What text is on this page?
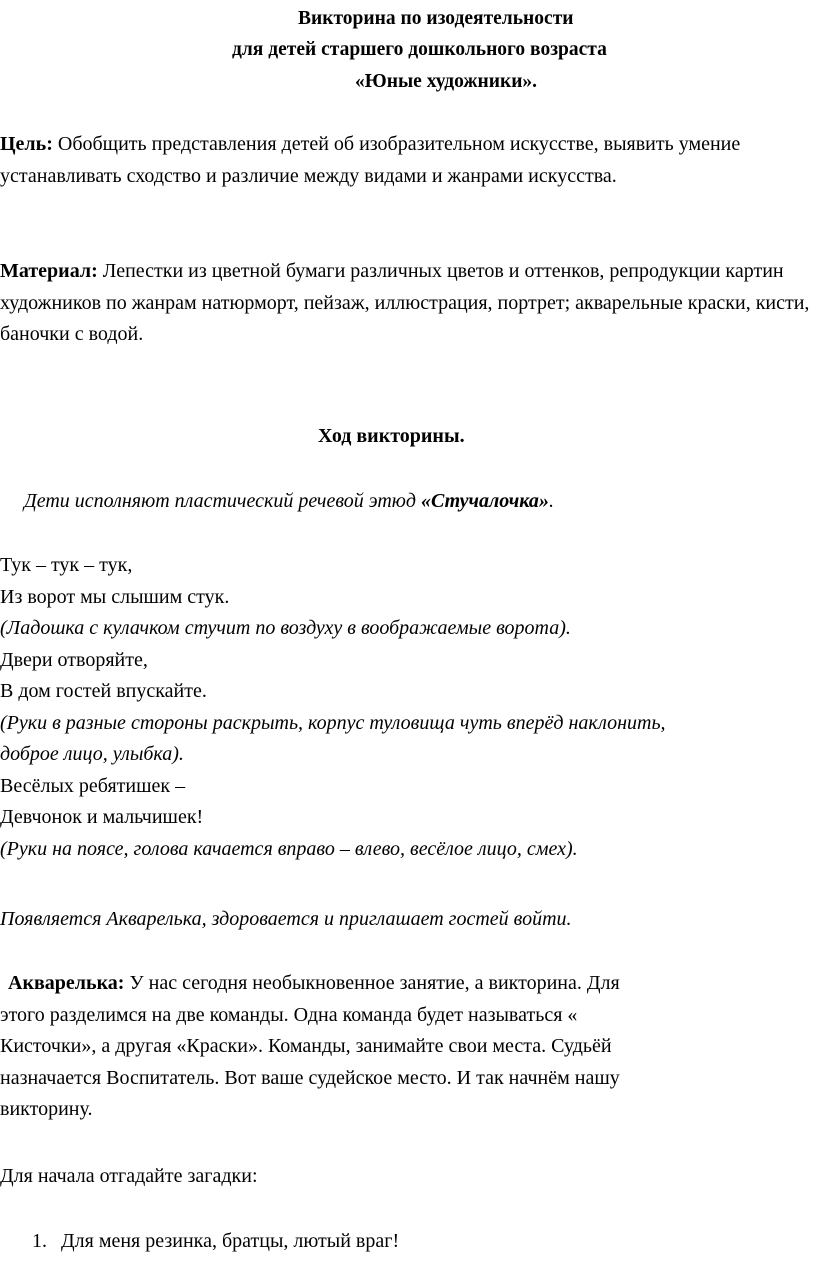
Викторина по изодеятельности
для детей старшего дошкольного возраста
«Юные художники».

Цель: Обобщить представления детей об изобразительном искусстве, выявить умение устанавливать сходство и различие между видами и жанрами искусства.

Материал: Лепестки из цветной бумаги различных цветов и оттенков, репродукции картин художников по жанрам натюрморт, пейзаж, иллюстрация, портрет; акварельные краски, кисти, баночки с водой.

Ход викторины.
Дети исполняют пластический речевой этюд «Стучалочка».
Тук – тук – тук,
Из ворот мы слышим стук.
(Ладошка с кулачком стучит по воздуху в воображаемые ворота).
Двери отворяйте,
В дом гостей впускайте.
(Руки в разные стороны раскрыть, корпус туловища чуть вперёд наклонить,
доброе лицо, улыбка).
Весёлых ребятишек –
Девчонок и мальчишек!
(Руки на поясе, голова качается вправо – влево, весёлое лицо, смех).
Появляется Акварелька, здоровается и приглашает гостей войти.
Акварелька: У нас сегодня необыкновенное занятие, а викторина. Для
этого разделимся на две команды. Одна команда будет называться «
Кисточки», а другая «Краски». Команды, занимайте свои места. Судьёй
назначается Воспитатель. Вот ваше судейское место. И так начнём нашу
викторину.
Для начала отгадайте загадки:
1. Для меня резинка, братцы, лютый враг!
